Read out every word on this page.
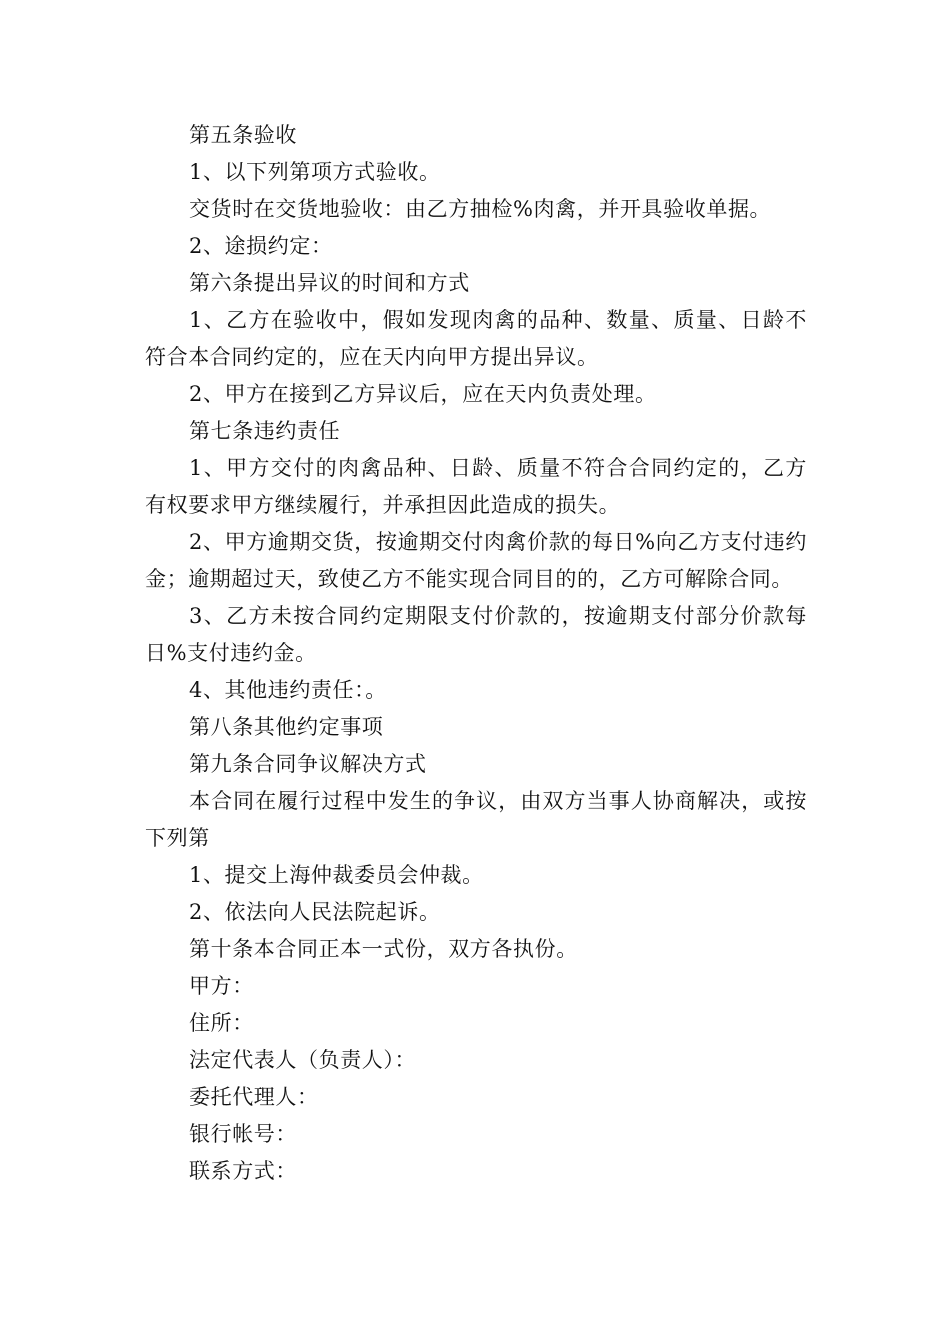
第五条验收

1、以下列第项方式验收。

交货时在交货地验收：由乙方抽检%肉禽，并开具验收单据。

2、途损约定：

第六条提出异议的时间和方式

1、乙方在验收中，假如发现肉禽的品种、数量、质量、日龄不符合本合同约定的，应在天内向甲方提出异议。

2、甲方在接到乙方异议后，应在天内负责处理。

第七条违约责任

1、甲方交付的肉禽品种、日龄、质量不符合合同约定的，乙方有权要求甲方继续履行，并承担因此造成的损失。

2、甲方逾期交货，按逾期交付肉禽价款的每日%向乙方支付违约金；逾期超过天，致使乙方不能实现合同目的的，乙方可解除合同。

3、乙方未按合同约定期限支付价款的，按逾期支付部分价款每日%支付违约金。

4、其他违约责任：。

第八条其他约定事项

第九条合同争议解决方式

本合同在履行过程中发生的争议，由双方当事人协商解决，或按下列第

1、提交上海仲裁委员会仲裁。

2、依法向人民法院起诉。

第十条本合同正本一式份，双方各执份。

甲方：

住所：

法定代表人（负责人）：

委托代理人：

银行帐号：

联系方式：
